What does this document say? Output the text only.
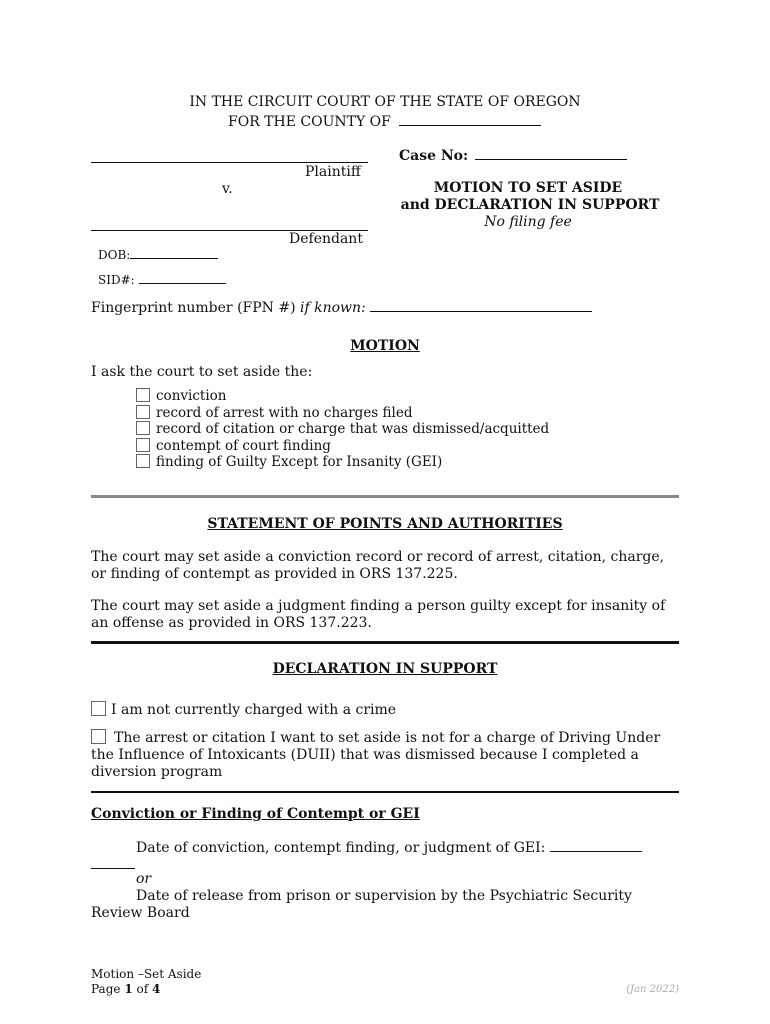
IN THE CIRCUIT COURT OF THE STATE OF OREGON
FOR THE COUNTY OF
Plaintiff
v.
Defendant
DOB:
SID#:
Case No:
MOTION TO SET ASIDE
and DECLARATION IN SUPPORT
No filing fee
Fingerprint number (FPN #) if known:
MOTION
I ask the court to set aside the:
conviction
record of arrest with no charges filed
record of citation or charge that was dismissed/acquitted
contempt of court finding
finding of Guilty Except for Insanity (GEI)
STATEMENT OF POINTS AND AUTHORITIES
The court may set aside a conviction record or record of arrest, citation, charge, or finding of contempt as provided in ORS 137.225.
The court may set aside a judgment finding a person guilty except for insanity of an offense as provided in ORS 137.223.
DECLARATION IN SUPPORT
I am not currently charged with a crime
The arrest or citation I want to set aside is not for a charge of Driving Under the Influence of Intoxicants (DUII) that was dismissed because I completed a diversion program
Conviction or Finding of Contempt or GEI
Date of conviction, contempt finding, or judgment of GEI:
or
Date of release from prison or supervision by the Psychiatric Security Review Board
Motion –Set Aside
Page 1 of 4	(Jan 2022)
